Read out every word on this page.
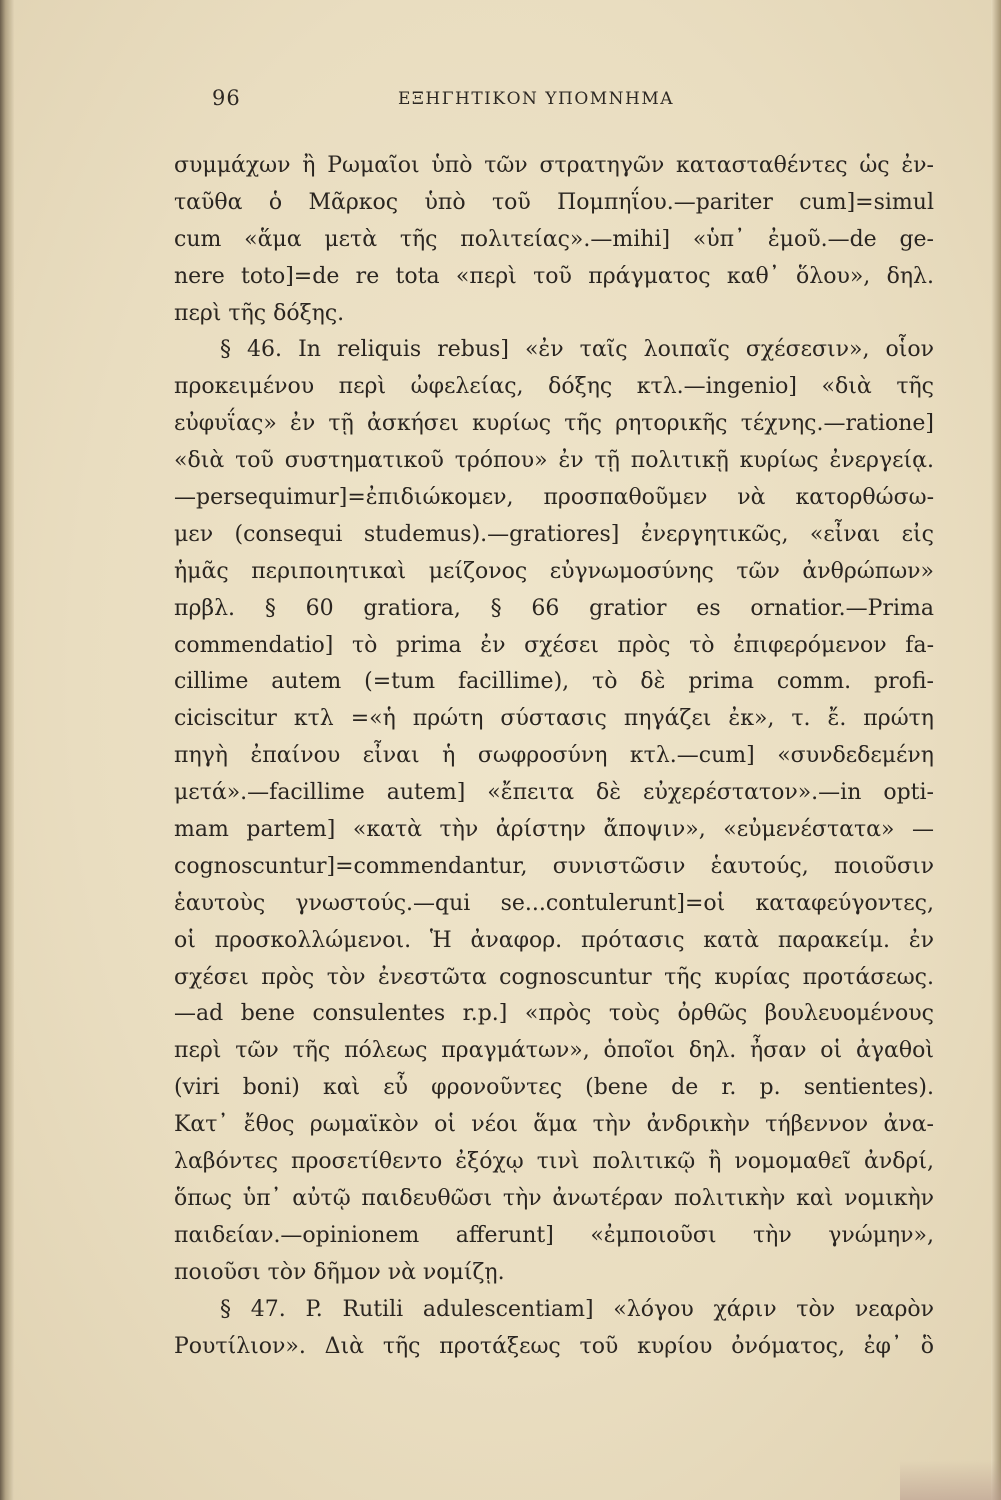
96	ΕΞΗΓΗΤΙΚΟΝ ΥΠΟΜΝΗΜΑ
συμμάχων ἢ Ρωμαῖοι ὑπὸ τῶν στρατηγῶν κατασταθέντες ὡς ἐν-
ταῦθα ὁ Μᾶρκος ὑπὸ τοῦ Πομπηΐου.—pariter cum]=simul
cum «ἅμα μετὰ τῆς πολιτείας».—mihi] «ὑπ᾽ ἐμοῦ.—de ge-
nere toto]=de re tota «περὶ τοῦ πράγματος καθ᾽ ὅλου», δηλ.
περὶ τῆς δόξης.
§ 46. In reliquis rebus] «ἐν ταῖς λοιπαῖς σχέσεσιν», οἷον
προκειμένου περὶ ὠφελείας, δόξης κτλ.—ingenio] «διὰ τῆς
εὐφυΐας» ἐν τῇ ἀσκήσει κυρίως τῆς ρητορικῆς τέχνης.—ratione]
«διὰ τοῦ συστηματικοῦ τρόπου» ἐν τῇ πολιτικῇ κυρίως ἐνεργείᾳ.
—persequimur]=ἐπιδιώκομεν, προσπαθοῦμεν νὰ κατορθώσω-
μεν (consequi studemus).—gratiores] ἐνεργητικῶς, «εἶναι εἰς
ἡμᾶς περιποιητικαὶ μείζονος εὐγνωμοσύνης τῶν ἀνθρώπων»
πρβλ. § 60 gratiora, § 66 gratior es ornatior.—Prima
commendatio] τὸ prima ἐν σχέσει πρὸς τὸ ἐπιφερόμενον fa-
cillime autem (=tum facillime), τὸ δὲ prima comm. profi-
ciciscitur κτλ =«ἡ πρώτη σύστασις πηγάζει ἐκ», τ. ἔ. πρώτη
πηγὴ ἐπαίνου εἶναι ἡ σωφροσύνη κτλ.—cum] «συνδεδεμένη
μετά».—facillime autem] «ἔπειτα δὲ εὐχερέστατον».—in opti-
mam partem] «κατὰ τὴν ἀρίστην ἄποψιν», «εὐμενέστατα» —
cognoscuntur]=commendantur, συνιστῶσιν ἑαυτούς, ποιοῦσιν
ἑαυτοὺς γνωστούς.—qui se...contulerunt]=οἱ καταφεύγοντες,
οἱ προσκολλώμενοι. Ἡ ἀναφορ. πρότασις κατὰ παρακείμ. ἐν
σχέσει πρὸς τὸν ἐνεστῶτα cognoscuntur τῆς κυρίας προτάσεως.
—ad bene consulentes r.p.] «πρὸς τοὺς ὀρθῶς βουλευομένους
περὶ τῶν τῆς πόλεως πραγμάτων», ὁποῖοι δηλ. ἦσαν οἱ ἀγαθοὶ
(viri boni) καὶ εὖ φρονοῦντες (bene de r. p. sentientes).
Κατ᾽ ἔθος ρωμαϊκὸν οἱ νέοι ἅμα τὴν ἀνδρικὴν τήβεννον ἀνα-
λαβόντες προσετίθεντο ἐξόχῳ τινὶ πολιτικῷ ἢ νομομαθεῖ ἀνδρί,
ὅπως ὑπ᾽ αὐτῷ παιδευθῶσι τὴν ἀνωτέραν πολιτικὴν καὶ νομικὴν
παιδείαν.—opinionem afferunt] «ἐμποιοῦσι τὴν γνώμην»,
ποιοῦσι τὸν δῆμον νὰ νομίζῃ.
§ 47. P. Rutili adulescentiam] «λόγου χάριν τὸν νεαρὸν
Ρουτίλιον». Διὰ τῆς προτάξεως τοῦ κυρίου ὀνόματος, ἐφ᾽ ὃ
